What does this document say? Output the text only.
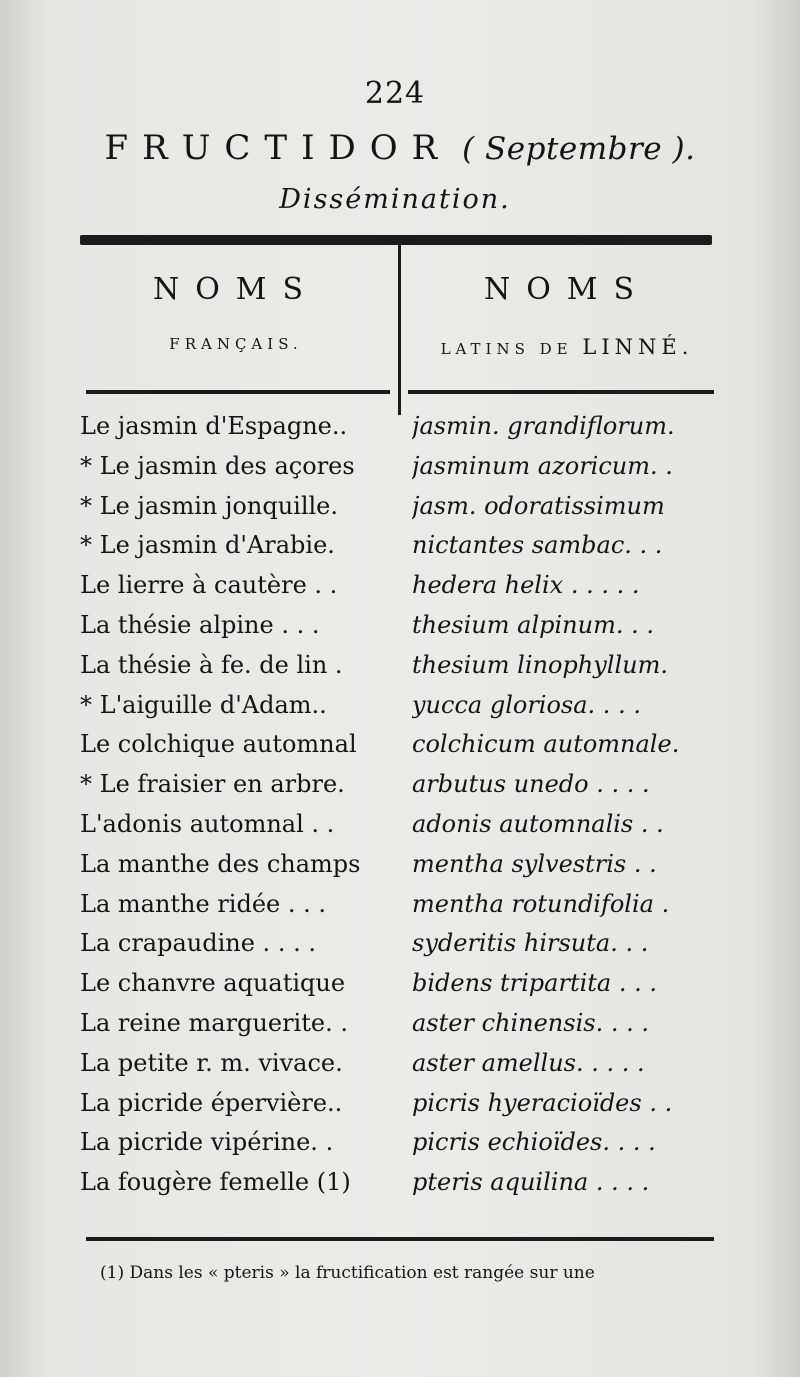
224
FRUCTIDOR ( Septembre ).
Dissémination.
NOMS
FRANÇAIS.
NOMS
LATINS DE LINNÉ.
Le jasmin d'Espagne..	jasmin. grandiflorum.
* Le jasmin des açores	jasminum azoricum. .
* Le jasmin jonquille.	jasm. odoratissimum
* Le jasmin d'Arabie.	nictantes sambac. . .
Le lierre à cautère . .	hedera helix . . . . .
La thésie alpine . . .	thesium alpinum. . .
La thésie à fe. de lin .	thesium linophyllum.
* L'aiguille d'Adam..	yucca gloriosa. . . .
Le colchique automnal	colchicum automnale.
* Le fraisier en arbre.	arbutus unedo . . . .
L'adonis automnal . .	adonis automnalis . .
La manthe des champs	mentha sylvestris . .
La manthe ridée . . .	mentha rotundifolia .
La crapaudine . . . .	syderitis hirsuta. . .
Le chanvre aquatique	bidens tripartita . . .
La reine marguerite. .	aster chinensis. . . .
La petite r. m. vivace.	aster amellus. . . . .
La picride épervière..	picris hyeracioïdes . .
La picride vipérine. .	picris echioïdes. . . .
La fougère femelle (1)	pteris aquilina . . . .
(1) Dans les « pteris » la fructification est rangée sur une
